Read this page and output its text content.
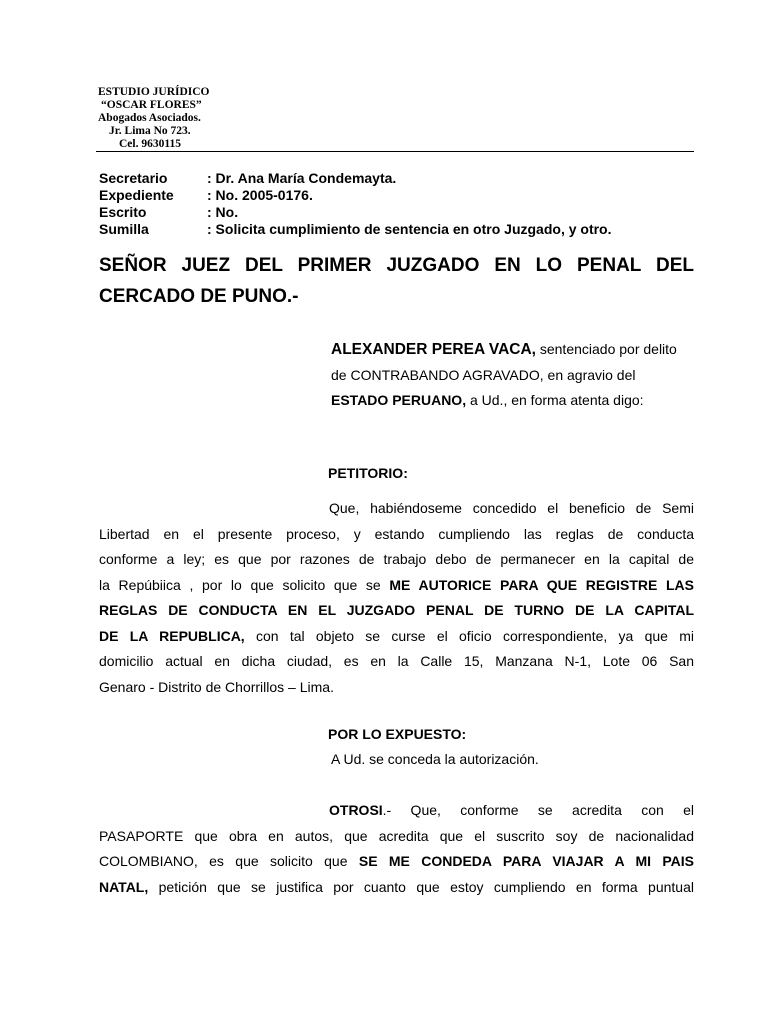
ESTUDIO JURÍDICO
“OSCAR FLORES”
Abogados Asociados.
Jr. Lima No 723.
Cel. 9630115
Secretario	: Dr. Ana María Condemayta.
Expediente	: No. 2005-0176.
Escrito	: No.
Sumilla	: Solicita cumplimiento de sentencia en otro Juzgado, y otro.
SEÑOR JUEZ DEL PRIMER JUZGADO EN LO PENAL DEL CERCADO DE PUNO.-
ALEXANDER PEREA VACA, sentenciado por delito de CONTRABANDO AGRAVADO, en agravio del ESTADO PERUANO, a Ud., en forma atenta digo:
PETITORIO:
Que, habiéndoseme concedido el beneficio de Semi
Libertad en el presente proceso, y estando cumpliendo las reglas de conducta
conforme a ley; es que por razones de trabajo debo de permanecer en la capital de
la Repúbiica , por lo que solicito que se ME AUTORICE PARA QUE REGISTRE LAS
REGLAS DE CONDUCTA EN EL JUZGADO PENAL DE TURNO DE LA CAPITAL
DE LA REPUBLICA, con tal objeto se curse el oficio correspondiente, ya que mi
domicilio actual en dicha ciudad, es en la Calle 15, Manzana N-1, Lote 06 San
Genaro - Distrito de Chorrillos – Lima.
POR LO EXPUESTO:
A Ud. se conceda la autorización.
OTROSI.- Que, conforme se acredita con el
PASAPORTE que obra en autos, que acredita que el suscrito soy de nacionalidad
COLOMBIANO, es que solicito que SE ME CONDEDA PARA VIAJAR A MI PAIS
NATAL, petición que se justifica por cuanto que estoy cumpliendo en forma puntual
